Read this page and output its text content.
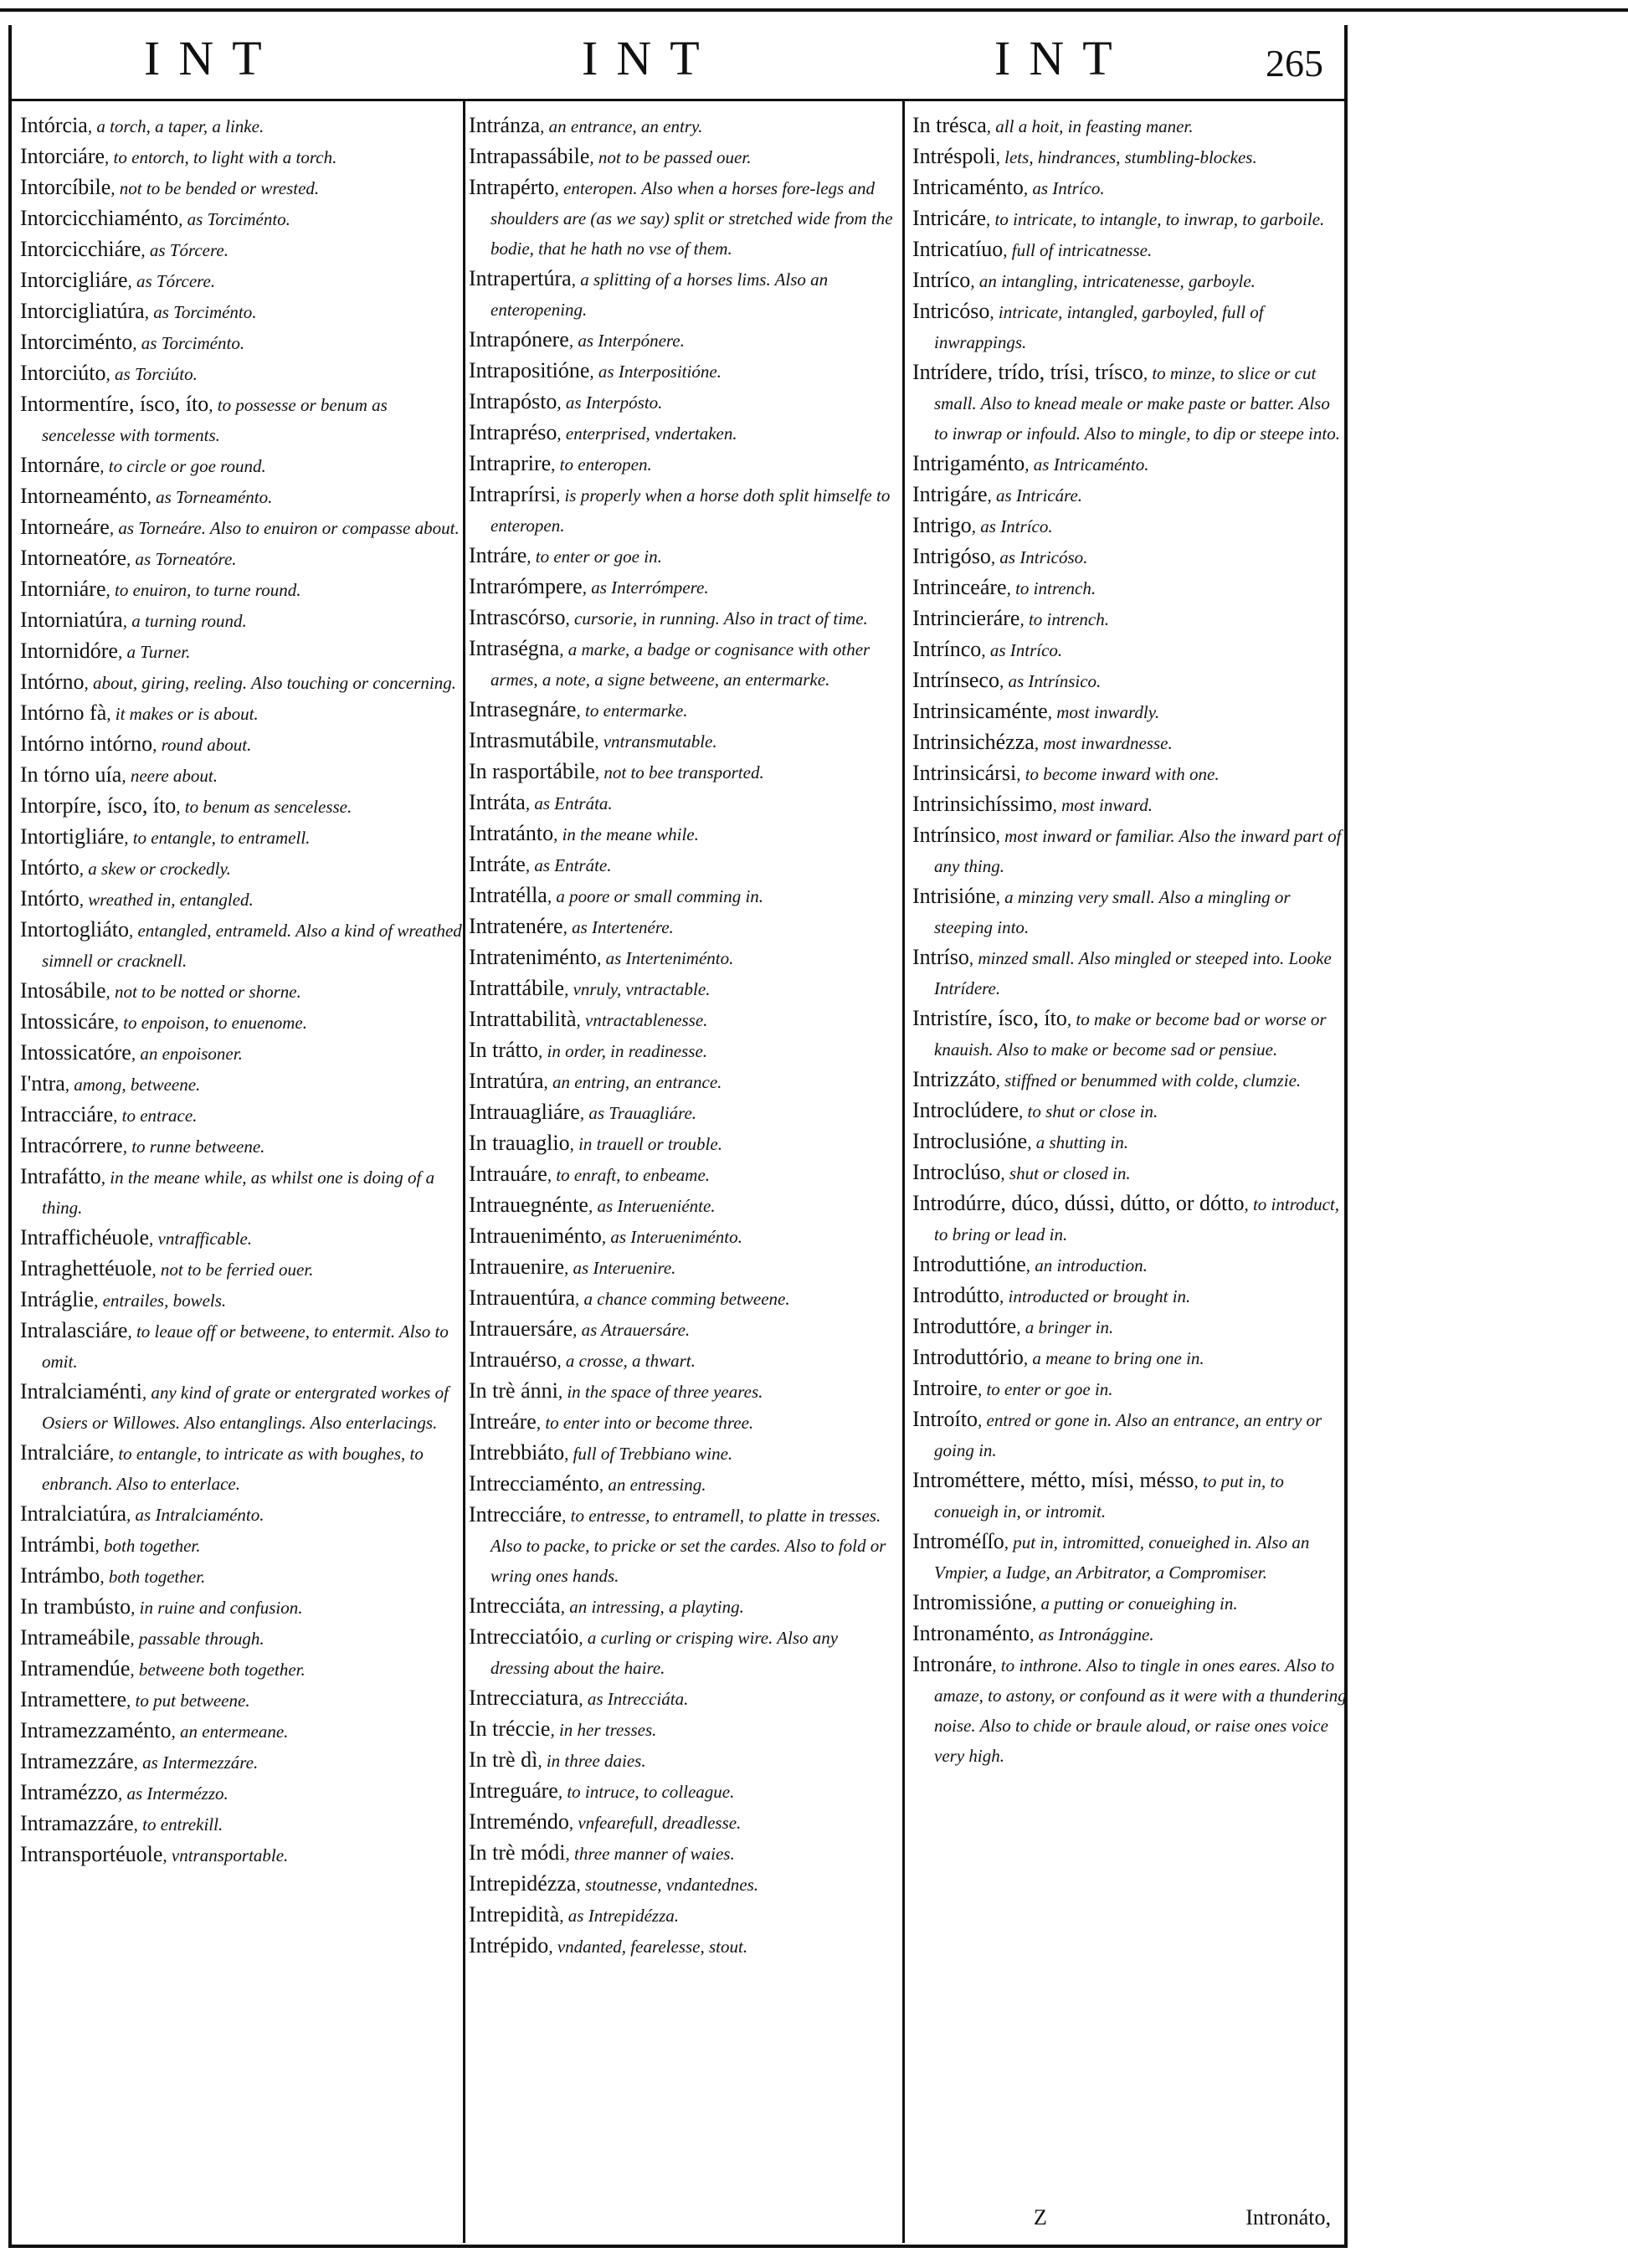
INT	INT	INT	265
Intórcia, a torch, a taper, a linke.
Intorciáre, to entorch, to light with a torch.
Intorcíbile, not to be bended or wrested.
Intorcicchiaménto, as Torciménto.
Intorcicchiáre, as Tórcere.
Intorcigliáre, as Tórcere.
Intorcigliatúra, as Torciménto.
Intorciménto, as Torciménto.
Intorciúto, as Torciúto.
Intormentíre, ísco, íto, to possesse or benum as sencelesse with torments.
Intornáre, to circle or goe round.
Intorneaménto, as Torneaménto.
Intorneáre, as Torneáre. Also to enuiron or compasse about.
Intorneatóre, as Torneatóre.
Intorniáre, to enuiron, to turne round.
Intorniatúra, a turning round.
Intornidóre, a Turner.
Intórno, about, giring, reeling. Also touching or concerning.
Intórno fà, it makes or is about.
Intórno intórno, round about.
In tórno uía, neere about.
Intorpíre, ísco, íto, to benum as sencelesse.
Intortigliáre, to entangle, to entramell.
Intórto, a skew or crockedly.
Intórto, wreathed in, entangled.
Intortogliáto, entangled, entrameld. Also a kind of wreathed simnell or cracknell.
Intosábile, not to be notted or shorne.
Intossicáre, to enpoison, to enuenome.
Intossicatóre, an enpoisoner.
I'ntra, among, betweene.
Intracciáre, to entrace.
Intracórrere, to runne betweene.
Intrafátto, in the meane while, as whilst one is doing of a thing.
Intraffichéuole, vntrafficable.
Intraghettéuole, not to be ferried ouer.
Intráglie, entrailes, bowels.
Intralasciáre, to leaue off or betweene, to entermit. Also to omit.
Intralciaménti, any kind of grate or entergrated workes of Osiers or Willowes. Also entanglings. Also enterlacings.
Intralciáre, to entangle, to intricate as with boughes, to enbranch. Also to enterlace.
Intralciatúra, as Intralciaménto.
Intrámbi, both together.
Intrámbo, both together.
In trambústo, in ruine and confusion.
Intrameábile, passable through.
Intramendúe, betweene both together.
Intramettere, to put betweene.
Intramezzaménto, an entermeane.
Intramezzáre, as Intermezzáre.
Intramézzo, as Intermézzo.
Intramazzáre, to entrekill.
Intransportéuole, vntransportable.
Intránza, an entrance, an entry.
Intrapassábile, not to be passed ouer.
Intrapérto, enteropen. Also when a horses fore-legs and shoulders are (as we say) split or stretched wide from the bodie, that he hath no vse of them.
Intrapertúra, a splitting of a horses lims. Also an enteropening.
Intrapónere, as Interpónere.
Intrapositióne, as Interpositióne.
Intrapósto, as Interpósto.
Intrapréso, enterprised, vndertaken.
Intraprire, to enteropen.
Intraprírsi, is properly when a horse doth split himselfe to enteropen.
Intráre, to enter or goe in.
Intrarómpere, as Interrómpere.
Intrascórso, cursorie, in running. Also in tract of time.
Intraségna, a marke, a badge or cognisance with other armes, a note, a signe betweene, an entermarke.
Intrasegnáre, to entermarke.
Intrasmutábile, vntransmutable.
In rasportábile, not to bee transported.
Intráta, as Entráta.
Intratánto, in the meane while.
Intráte, as Entráte.
Intratélla, a poore or small comming in.
Intratenére, as Intertenére.
Intrateniménto, as Interteniménto.
Intrattábile, vnruly, vntractable.
Intrattabilità, vntractablenesse.
In trátto, in order, in readinesse.
Intratúra, an entring, an entrance.
Intrauagliáre, as Trauagliáre.
In trauaglio, in trauell or trouble.
Intrauáre, to enraft, to enbeame.
Intrauegnénte, as Interueniénte.
Intraueniménto, as Interueniménto.
Intrauenire, as Interuenire.
Intrauentúra, a chance comming betweene.
Intrauersáre, as Atrauersáre.
Intrauérso, a crosse, a thwart.
In trè ánni, in the space of three yeares.
Intreáre, to enter into or become three.
Intrebbiáto, full of Trebbiano wine.
Intrecciaménto, an entressing.
Intrecciáre, to entresse, to entramell, to platte in tresses. Also to packe, to pricke or set the cardes. Also to fold or wring ones hands.
Intrecciáta, an intressing, a playting.
Intrecciatóio, a curling or crisping wire. Also any dressing about the haire.
Intrecciatura, as Intrecciáta.
In tréccie, in her tresses.
In trè dì, in three daies.
Intreguáre, to intruce, to colleague.
Intreméndo, vnfearefull, dreadlesse.
In trè módi, three manner of waies.
Intrepidézza, stoutnesse, vndantednes.
Intrepidità, as Intrepidézza.
Intrépido, vndanted, fearelesse, stout.
In trésca, all a hoit, in feasting maner.
Intréspoli, lets, hindrances, stumbling-blockes.
Intricaménto, as Intríco.
Intricáre, to intricate, to intangle, to inwrap, to garboile.
Intricatíuo, full of intricatnesse.
Intríco, an intangling, intricatenesse, garboyle.
Intricóso, intricate, intangled, garboyled, full of inwrappings.
Intrídere, trído, trísi, trísco, to minze, to slice or cut small. Also to knead meale or make paste or batter. Also to inwrap or infould. Also to mingle, to dip or steepe into.
Intrigaménto, as Intricaménto.
Intrigáre, as Intricáre.
Intrigo, as Intríco.
Intrigóso, as Intricóso.
Intrinceáre, to intrench.
Intrincieráre, to intrench.
Intrínco, as Intríco.
Intrínseco, as Intrínsico.
Intrinsicaménte, most inwardly.
Intrinsichézza, most inwardnesse.
Intrinsicársi, to become inward with one.
Intrinsichíssimo, most inward.
Intrínsico, most inward or familiar. Also the inward part of any thing.
Intrisióne, a minzing very small. Also a mingling or steeping into.
Intríso, minzed small. Also mingled or steeped into. Looke Intrídere.
Intristíre, ísco, íto, to make or become bad or worse or knauish. Also to make or become sad or pensiue.
Intrizzáto, stiffned or benummed with colde, clumzie.
Introclúdere, to shut or close in.
Introclusióne, a shutting in.
Introclúso, shut or closed in.
Introdúrre, dúco, dússi, dútto, or dótto, to introduct, to bring or lead in.
Introduttióne, an introduction.
Introdútto, introducted or brought in.
Introduttóre, a bringer in.
Introduttório, a meane to bring one in.
Introire, to enter or goe in.
Introíto, entred or gone in. Also an entrance, an entry or going in.
Introméttere, métto, mísi, mésso, to put in, to conueigh in, or intromit.
Introméſſo, put in, intromitted, conueighed in. Also an Vmpier, a Iudge, an Arbitrator, a Compromiser.
Intromissióne, a putting or conueighing in.
Intronaménto, as Intronággine.
Intronáre, to inthrone. Also to tingle in ones eares. Also to amaze, to astony, or confound as it were with a thundering noise. Also to chide or braule aloud, or raise ones voice very high.
Z	Intronáto,
